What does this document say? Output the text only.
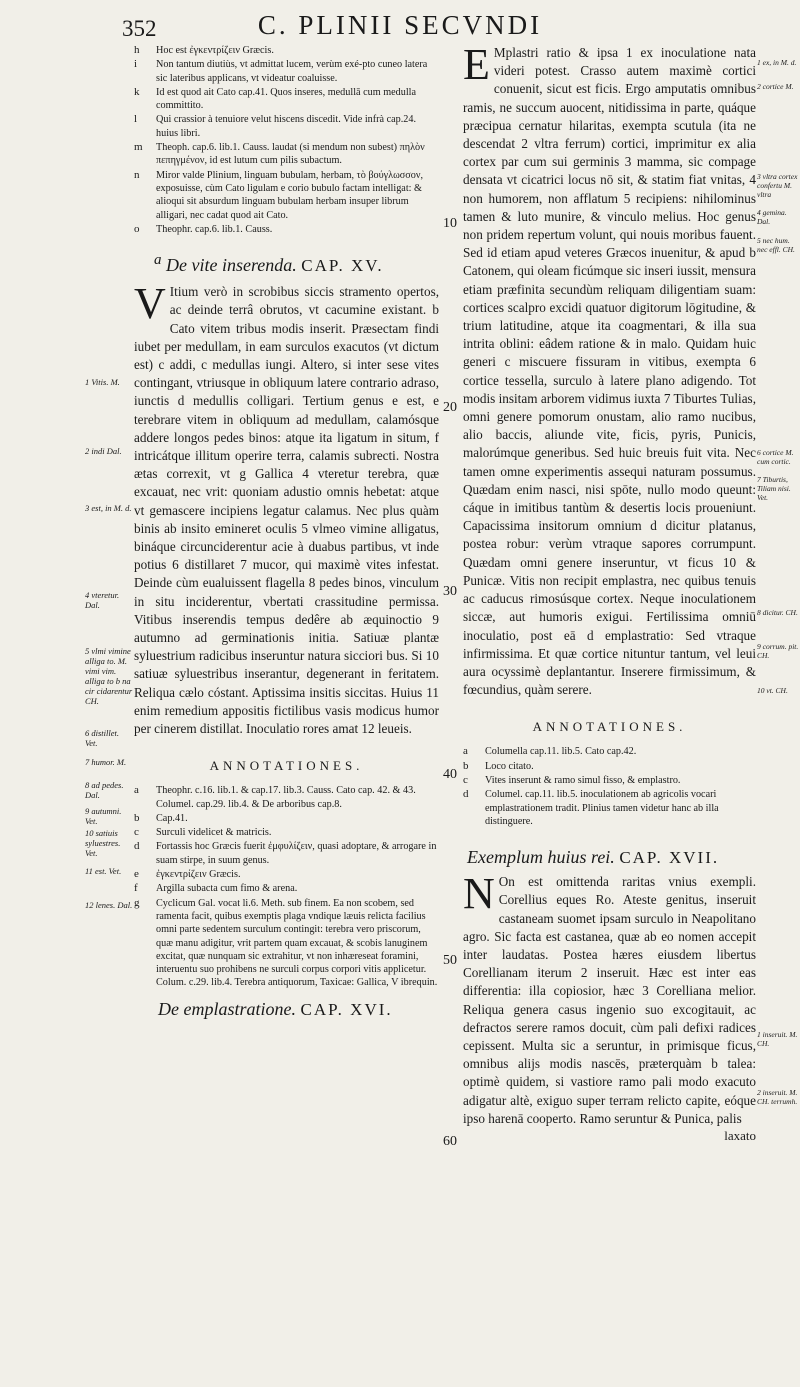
352	C. PLINII SECVNDI
h Hoc est ἐγκεντρίζειν Græcis.
i Non tantum diutiùs, vt admittat lucem, verùm exé-pto cuneo latera sic lateribus applicans, vt videatur coaluisse.
k Id est quod ait Cato cap.41. Quos inseres, medullā cum medulla committito.
l Qui crassior à tenuiore velut hiscens discedit. Vide infrà cap.24. huius libri.
m Theoph. cap.6. lib.1. Causs. laudat (si mendum non subest) πηλὸν πεπηγμένον, id est lutum cum pilis subactum.
n Miror valde Plinium, linguam bubulam, herbam, τὸ βούγλωσσον, exposuisse, cùm Cato ligulam e corio bubulo factam intelligat: & alioqui sit absurdum linguam bubulam herbam insuper librum alligari, nec cadat quod ait Cato.
o Theophr. cap.6. lib.1. Causs.
$^a$ De vite inserenda. CAP. XV.

V Itium verò in scrobibus siccis stramento opertos, ac deinde terrâ obrutos, vt cacumine existant. b Cato vitem tribus modis inserit. Præsectam findi iubet per medullam, in eam surculos exacutos (vt dictum est) c addi, c medullas iungi. Altero, si inter sese vites contingant, vtriusque in obliquum latere contrario adraso, iunctis d medullis colligari. Tertium genus e est, e terebrare vitem in obliquum ad medullam, calamósque addere longos pedes binos: atque ita ligatum in situm, f intricátque illitum operire terra, calamis subrecti. Nostra ætas correxit, vt g Gallica 4 vteretur terebra, quæ excauat, nec vrit: quoniam adustio omnis hebetat: atque vt gemascere incipiens legatur calamus. Nec plus quàm binis ab insito emineret oculis 5 vlmeo vimine alligatus, bináque circunciderentur acie à duabus partibus, vt inde potius 6 distillaret 7 mucor, qui maximè vites infestat. Deinde cùm eualuissent flagella 8 pedes binos, vinculum in situ inciderentur, vbertati crassitudine permissa. Vitibus inserendis tempus dedêre ab æquinoctio 9 autumno ad germinationis initia. Satiuæ plantæ syluestrium radicibus inseruntur natura sicciori bus. Si 10 satiuæ syluestribus inserantur, degenerant in feritatem. Reliqua cælo cóstant. Aptissima insitis siccitas. Huius 11 enim remedium appositis fictilibus vasis modicus humor per cinerem distillat. Inoculatio rores amat 12 leueis.

ANNOTATIONES.
a Theophr. c.16. lib.1. & cap.17. lib.3. Causs. Cato cap. 42. & 43. Columel. cap.29. lib.4. & De arboribus cap.8.
b Cap.41.
c Surculi videlicet & matricis.
d Fortassis hoc Græcis fuerit ἐμφυλίζειν, quasi adoptare, & arrogare in suam stirpe, in suum genus.
e ἐγκεντρίζειν Græcis.
f Argilla subacta cum fimo & arena.
g Cyclicum Gal. vocat li.6. Meth. sub finem. Ea non scobem, sed ramenta facit, quibus exemptis plaga vndique læuis relicta facilius omni parte sedentem surculum contingit: terebra vero priscorum, quæ manu adigitur, vrit partem quam excauat, & scobis lanuginem excitat, quæ nunquam sic extrahitur, vt non inhæreseat foramini, interuentu suo prohibens ne surculi corpus corpori vitis applicetur. Colum. c.29. lib.4. Terebra antiquorum, Taxicae: Gallica, V ibrequin.
De emplastratione. CAP. XVI.

E Mplastri ratio & ipsa 1 ex inoculatione nata videri potest. Crasso autem maximè cortici conuenit, sicut est ficis. Ergo amputatis omnibus ramis, ne succum auocent, nitidissima in parte, quáque præcipua cernatur hilaritas, exempta scutula (ita ne descendat 2 vltra ferrum) cortici, imprimitur ex alia cortex par cum sui germinis 3 mamma, sic compage densata vt cicatrici locus nō sit, & statim fiat vnitas, 4 non humorem, non afflatum 5 recipiens: nihilominus tamen & luto munire, & vinculo melius. Hoc genus non pridem repertum volunt, qui nouis moribus fauent. Sed id etiam apud veteres Græcos inuenitur, & apud b Catonem, qui oleam ficúmque sic inseri iussit, mensura etiam præfinita secundùm reliquam diligentiam suam: cortices scalpro excidi quatuor digitorum lōgitudine, & trium latitudine, atque ita coagmentari, & illa sua intrita oblini: eâdem ratione & in malo. Quidam huic generi c miscuere fissuram in vitibus, exempta 6 cortice tessella, surculo à latere plano adigendo. Tot modis insitam arborem vidimus iuxta 7 Tiburtes Tulias, omni genere pomorum onustam, alio ramo nucibus, alio baccis, aliunde vite, ficis, pyris, Punicis, malorúmque generibus. Sed huic breuis fuit vita. Nec tamen omne experimentis assequi naturam possumus. Quædam enim nasci, nisi spōte, nullo modo queunt: cáque in imitibus tantùm & desertis locis proueniunt. Capacissima insitorum omnium d dicitur platanus, postea robur: verùm vtraque sapores corrumpunt. Quædam omni genere inseruntur, vt ficus 10 & Punicæ. Vitis non recipit emplastra, nec quibus tenuis ac caducus rimosúsque cortex. Neque inoculationem siccæ, aut humoris exigui. Fertilissima omniū inoculatio, post eā d emplastratio: Sed vtraque infirmissima. Et quæ cortice nituntur tantum, vel leui aura ocyssimè deplantantur. Inserere firmissimum, & fœcundius, quàm serere.

ANNOTATIONES.
a Columella cap.11. lib.5. Cato cap.42.
b Loco citato.
c Vites inserunt & ramo simul fisso, & emplastro.
d Columel. cap.11. lib.5. inoculationem ab agricolis vocari emplastrationem tradit. Plinius tamen videtur hanc ab illa distinguere.
Exemplum huius rei. CAP. XVII.

N On est omittenda raritas vnius exempli. Corellius eques Ro. Ateste genitus, inseruit castaneam suomet ipsam surculo in Neapolitano agro. Sic facta est castanea, quæ ab eo nomen accepit inter laudatas. Postea hæres eiusdem libertus Corellianam iterum 2 inseruit. Hæc est inter eas differentia: illa copiosior, hæc 3 Corelliana melior. Reliqua genera casus ingenio suo excogitauit, ac defractos serere ramos docuit, cùm pali defixi radices cepissent. Multa sic a seruntur, in primisque ficus, omnibus alijs modis nascēs, præterquàm b talea: optimè quidem, si vastiore ramo pali modo exacuto adigatur altè, exiguo super terram relicto capite, eóque ipso harenā cooperto. Ramo seruntur & Punica, palis

laxato
10
20
30
40
50
60
1 Vitis. M.
2 indi Dal.
3 est, in M. d.
4 vteretur. Dal.
5 vlmi vimine alliga to. M. vimi vim. alliga to b na cir cidarentur CH.
6 distillet. Vet.
7 humor. M.
8 ad pedes. Dal.
9 autumni. Vet.
10 satiuis syluestres. Vet.
11 est. Vet.
12 lenes. Dal.
1 ex, in M. d.
2 cortice M.
3 vltra cortex confertu M. vltra
4 gemina. Dal.
5 nec hum. nec effl. CH.
6 cortice M. cum cortic.
7 Tiburtis, Tiliam nisi. Vet.
8 dicitur. CH.
9 corrum. pit. CH.
10 vt. CH.
1 inseruit. M. CH.
2 inseruit. M. CH. terrumh.
